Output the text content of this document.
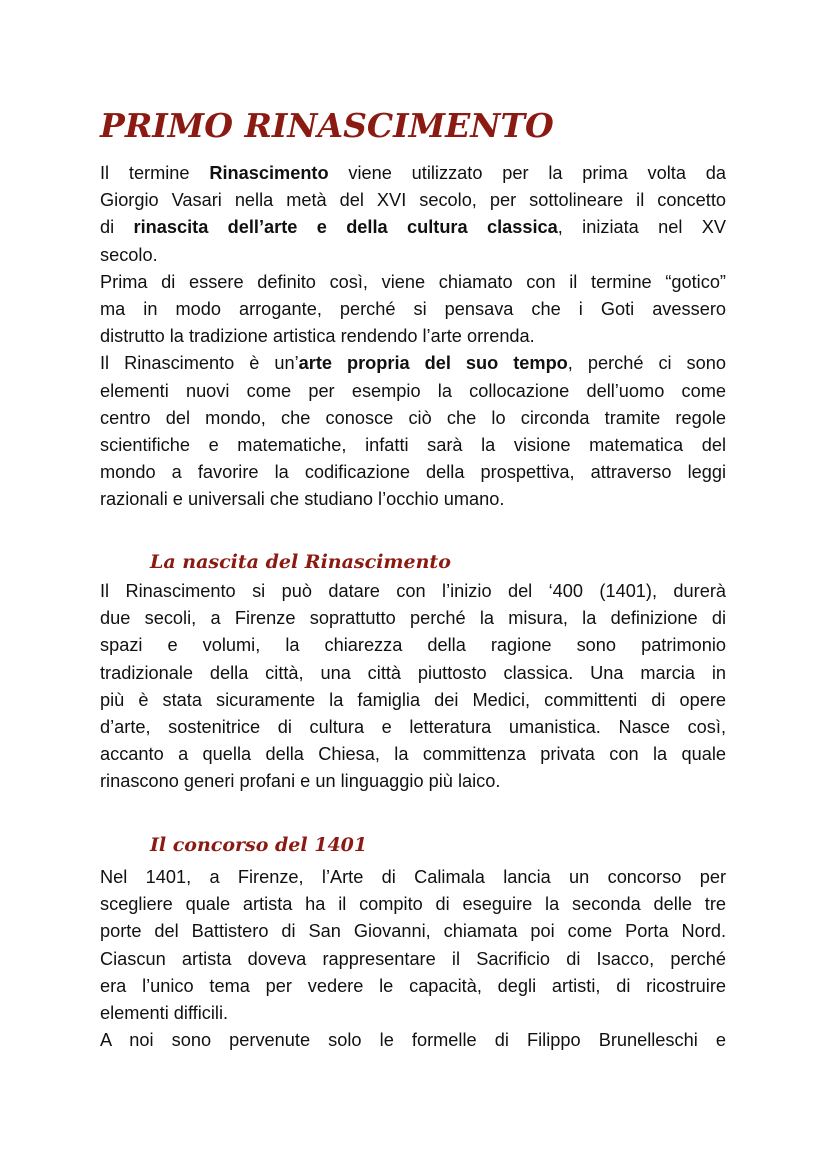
PRIMO RINASCIMENTO
Il termine Rinascimento viene utilizzato per la prima volta da
Giorgio Vasari nella metà del XVI secolo, per sottolineare il concetto
di rinascita dell’arte e della cultura classica, iniziata nel XV
secolo.
Prima di essere definito così, viene chiamato con il termine “gotico”
ma in modo arrogante, perché si pensava che i Goti avessero
distrutto la tradizione artistica rendendo l’arte orrenda.
Il Rinascimento è un’arte propria del suo tempo, perché ci sono
elementi nuovi come per esempio la collocazione dell’uomo come
centro del mondo, che conosce ciò che lo circonda tramite regole
scientifiche e matematiche, infatti sarà la visione matematica del
mondo a favorire la codificazione della prospettiva, attraverso leggi
razionali e universali che studiano l’occhio umano.
La nascita del Rinascimento
Il Rinascimento si può datare con l’inizio del ‘400 (1401), durerà
due secoli, a Firenze soprattutto perché la misura, la definizione di
spazi e volumi, la chiarezza della ragione sono patrimonio
tradizionale della città, una città piuttosto classica. Una marcia in
più è stata sicuramente la famiglia dei Medici, committenti di opere
d’arte, sostenitrice di cultura e letteratura umanistica. Nasce così,
accanto a quella della Chiesa, la committenza privata con la quale
rinascono generi profani e un linguaggio più laico.
Il concorso del 1401
Nel 1401, a Firenze, l’Arte di Calimala lancia un concorso per
scegliere quale artista ha il compito di eseguire la seconda delle tre
porte del Battistero di San Giovanni, chiamata poi come Porta Nord.
Ciascun artista doveva rappresentare il Sacrificio di Isacco, perché
era l’unico tema per vedere le capacità, degli artisti, di ricostruire
elementi difficili.
A noi sono pervenute solo le formelle di Filippo Brunelleschi e
